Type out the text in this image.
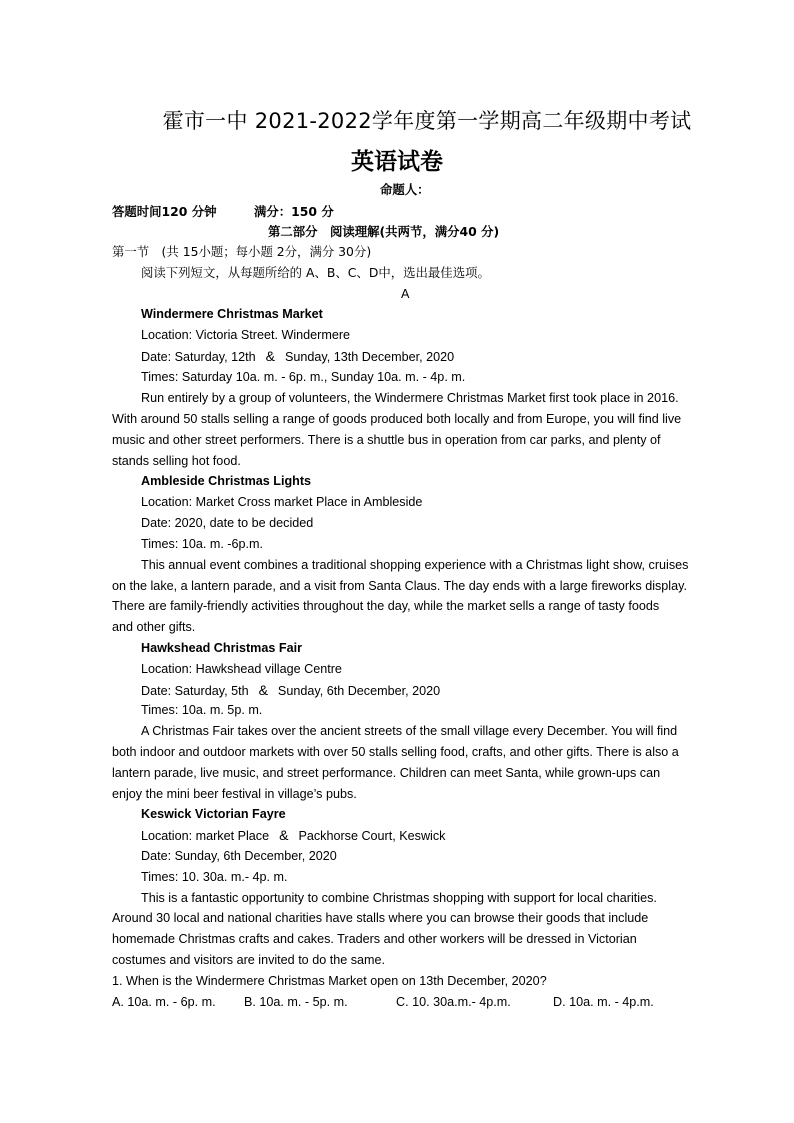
霍市一中 2021-2022学年度第一学期高二年级期中考试
英语试卷
命题人：
答题时间120 分钟	满分：150 分
第二部分　阅读理解(共两节，满分40 分)
第一节　(共 15小题；每小题 2分，满分 30分)
阅读下列短文，从每题所给的 A、B、C、D中，选出最佳选项。
A
Windermere Christmas Market
Location: Victoria Street. Windermere
Date: Saturday, 12th & Sunday, 13th December, 2020
Times: Saturday 10a. m. - 6p. m., Sunday 10a. m. - 4p. m.
Run entirely by a group of volunteers, the Windermere Christmas Market first took place in 2016.
With around 50 stalls selling a range of goods produced both locally and from Europe, you will find live
music and other street performers. There is a shuttle bus in operation from car parks, and plenty of
stands selling hot food.
Ambleside Christmas Lights
Location: Market Cross market Place in Ambleside
Date: 2020, date to be decided
Times: 10a. m. -6p.m.
This annual event combines a traditional shopping experience with a Christmas light show, cruises
on the lake, a lantern parade, and a visit from Santa Claus. The day ends with a large fireworks display.
There are family-friendly activities throughout the day, while the market sells a range of tasty foods
and other gifts.
Hawkshead Christmas Fair
Location: Hawkshead village Centre
Date: Saturday, 5th & Sunday, 6th December, 2020
Times: 10a. m. 5p. m.
A Christmas Fair takes over the ancient streets of the small village every December. You will find
both indoor and outdoor markets with over 50 stalls selling food, crafts, and other gifts. There is also a
lantern parade, live music, and street performance. Children can meet Santa, while grown-ups can
enjoy the mini beer festival in village’s pubs.
Keswick Victorian Fayre
Location: market Place & Packhorse Court, Keswick
Date: Sunday, 6th December, 2020
Times: 10. 30a. m.- 4p. m.
This is a fantastic opportunity to combine Christmas shopping with support for local charities.
Around 30 local and national charities have stalls where you can browse their goods that include
homemade Christmas crafts and cakes. Traders and other workers will be dressed in Victorian
costumes and visitors are invited to do the same.
1. When is the Windermere Christmas Market open on 13th December, 2020?
A. 10a. m. - 6p. m. B. 10a. m. - 5p. m.	C. 10. 30a.m.- 4p.m.	D. 10a. m. - 4p.m.
